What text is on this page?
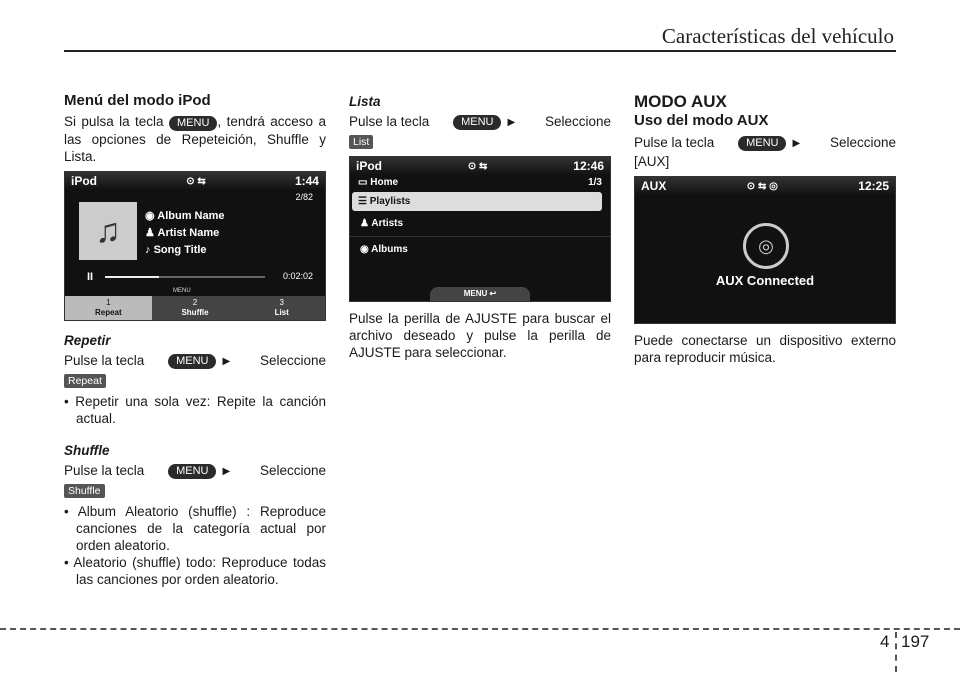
Características del vehículo
Menú del modo iPod

Si pulsa la tecla MENU , tendrá acceso a las opciones de Repeteición, Shuffle y Lista.

iPod	⊙ ⇆	1:44
2/82
♫	◉ Album Name
♟ Artist Name
♪ Song Title
II	0:02:02
MENU
1
Repeat
2
Shuffle
3
List
Repetir
Pulse la tecla	MENU ▶	Seleccione
Repeat
• Repetir una sola vez: Repite la canción actual.
Shuffle
Pulse la tecla	MENU ▶	Seleccione
Shuffle
• Album Aleatorio (shuffle) : Reproduce canciones de la categoría actual por orden aleatorio.
• Aleatorio (shuffle) todo: Reproduce todas las canciones por orden aleatorio.
Lista
Pulse la tecla	MENU ▶	Seleccione
List
iPod	⊙ ⇆	12:46
▭ Home	1/3
☰ Playlists
♟ Artists
◉ Albums
MENU ↩

Pulse la perilla de AJUSTE para buscar el archivo deseado y pulse la perilla de AJUSTE para seleccionar.

MODO AUX
Uso del modo AUX
Pulse la tecla	MENU ▶	Seleccione
[AUX]
AUX	⊙ ⇆ ◎	12:25
◎
AUX Connected

Puede conectarse un dispositivo externo para reproducir música.

4 197
